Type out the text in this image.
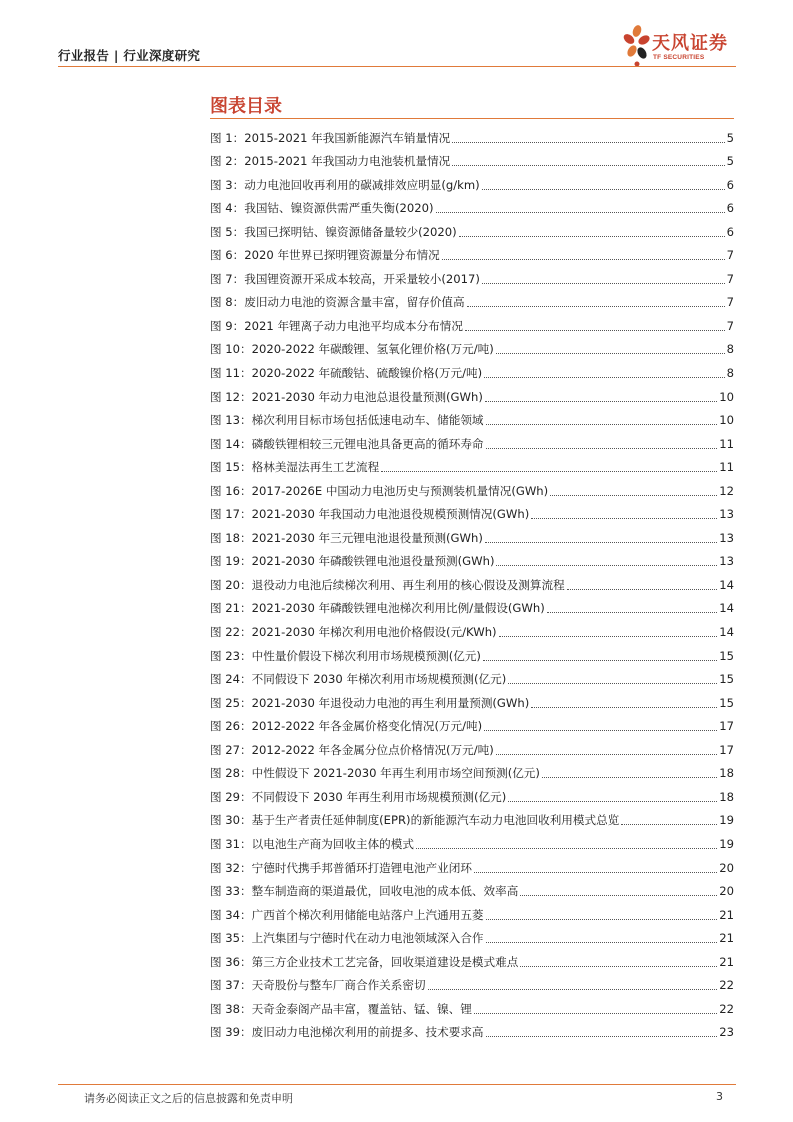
行业报告 | 行业深度研究
天风证券
TF SECURITIES
图表目录
图 1：2015-2021 年我国新能源汽车销量情况	5
图 2：2015-2021 年我国动力电池装机量情况	5
图 3：动力电池回收再利用的碳减排效应明显(g/km)	6
图 4：我国钴、镍资源供需严重失衡(2020)	6
图 5：我国已探明钴、镍资源储备量较少(2020)	6
图 6：2020 年世界已探明锂资源量分布情况	7
图 7：我国锂资源开采成本较高，开采量较小(2017)	7
图 8：废旧动力电池的资源含量丰富，留存价值高	7
图 9：2021 年锂离子动力电池平均成本分布情况	7
图 10：2020-2022 年碳酸锂、氢氧化锂价格(万元/吨)	8
图 11：2020-2022 年硫酸钴、硫酸镍价格(万元/吨)	8
图 12：2021-2030 年动力电池总退役量预测(GWh)	10
图 13：梯次利用目标市场包括低速电动车、储能领域	10
图 14：磷酸铁锂相较三元锂电池具备更高的循环寿命	11
图 15：格林美湿法再生工艺流程	11
图 16：2017-2026E 中国动力电池历史与预测装机量情况(GWh)	12
图 17：2021-2030 年我国动力电池退役规模预测情况(GWh)	13
图 18：2021-2030 年三元锂电池退役量预测(GWh)	13
图 19：2021-2030 年磷酸铁锂电池退役量预测(GWh)	13
图 20：退役动力电池后续梯次利用、再生利用的核心假设及测算流程	14
图 21：2021-2030 年磷酸铁锂电池梯次利用比例/量假设(GWh)	14
图 22：2021-2030 年梯次利用电池价格假设(元/KWh)	14
图 23：中性量价假设下梯次利用市场规模预测(亿元)	15
图 24：不同假设下 2030 年梯次利用市场规模预测(亿元)	15
图 25：2021-2030 年退役动力电池的再生利用量预测(GWh)	15
图 26：2012-2022 年各金属价格变化情况(万元/吨)	17
图 27：2012-2022 年各金属分位点价格情况(万元/吨)	17
图 28：中性假设下 2021-2030 年再生利用市场空间预测(亿元)	18
图 29：不同假设下 2030 年再生利用市场规模预测(亿元)	18
图 30：基于生产者责任延伸制度(EPR)的新能源汽车动力电池回收利用模式总览	19
图 31：以电池生产商为回收主体的模式	19
图 32：宁德时代携手邦普循环打造锂电池产业闭环	20
图 33：整车制造商的渠道最优，回收电池的成本低、效率高	20
图 34：广西首个梯次利用储能电站落户上汽通用五菱	21
图 35：上汽集团与宁德时代在动力电池领域深入合作	21
图 36：第三方企业技术工艺完备，回收渠道建设是模式难点	21
图 37：天奇股份与整车厂商合作关系密切	22
图 38：天奇金泰阁产品丰富，覆盖钴、锰、镍、锂	22
图 39：废旧动力电池梯次利用的前提多、技术要求高	23
请务必阅读正文之后的信息披露和免责申明	3
